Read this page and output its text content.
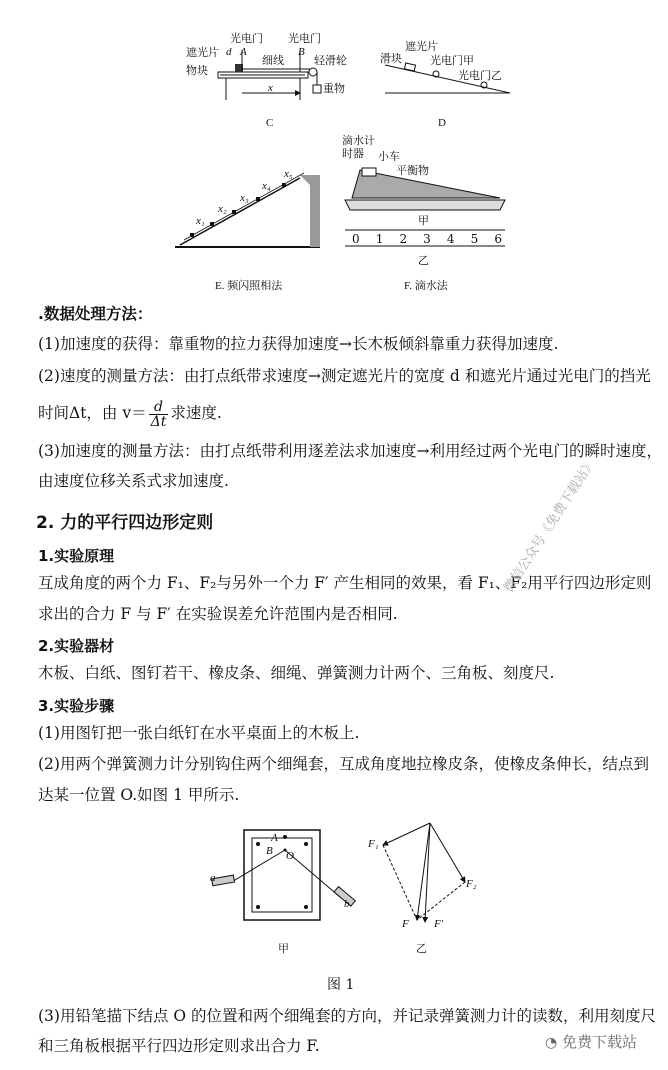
遮光片
物块
光电门 光电门
细线	轻滑轮
重物
d A	B
x
C
遮光片
滑块	光电门甲
光电门乙
D
x₁
x₂
x₃
x₄
x₅
E. 频闪照相法
滴水计
时器 小车
平衡物
甲
0 1 2 3 4 5 6
乙
F. 滴水法
.数据处理方法：
(1)加速度的获得：靠重物的拉力获得加速度→长木板倾斜靠重力获得加速度.
(2)速度的测量方法：由打点纸带求速度→测定遮光片的宽度 d 和遮光片通过光电门的挡光
时间Δt，由 $v= \frac{d}{\Delta t}$ 求速度.
(3)加速度的测量方法：由打点纸带利用逐差法求加速度→利用经过两个光电门的瞬时速度，
由速度位移关系式求加速度.
2. 力的平行四边形定则
1.实验原理
互成角度的两个力 F₁、F₂与另外一个力 F′ 产生相同的效果，看 F₁、F₂用平行四边形定则
求出的合力 F 与 F′ 在实验误差允许范围内是否相同.
2.实验器材
木板、白纸、图钉若干、橡皮条、细绳、弹簧测力计两个、三角板、刻度尺.
3.实验步骤
(1)用图钉把一张白纸钉在水平桌面上的木板上.
(2)用两个弹簧测力计分别钩住两个细绳套，互成角度地拉橡皮条，使橡皮条伸长，结点到
达某一位置 O.如图 1 甲所示.
A
B O
a
b
甲
F₁
F₂
F F′
乙
图 1
(3)用铅笔描下结点 O 的位置和两个细绳套的方向，并记录弹簧测力计的读数，利用刻度尺
和三角板根据平行四边形定则求出合力 F.
微信公众号《免费下载站》
◔ 免费下载站
